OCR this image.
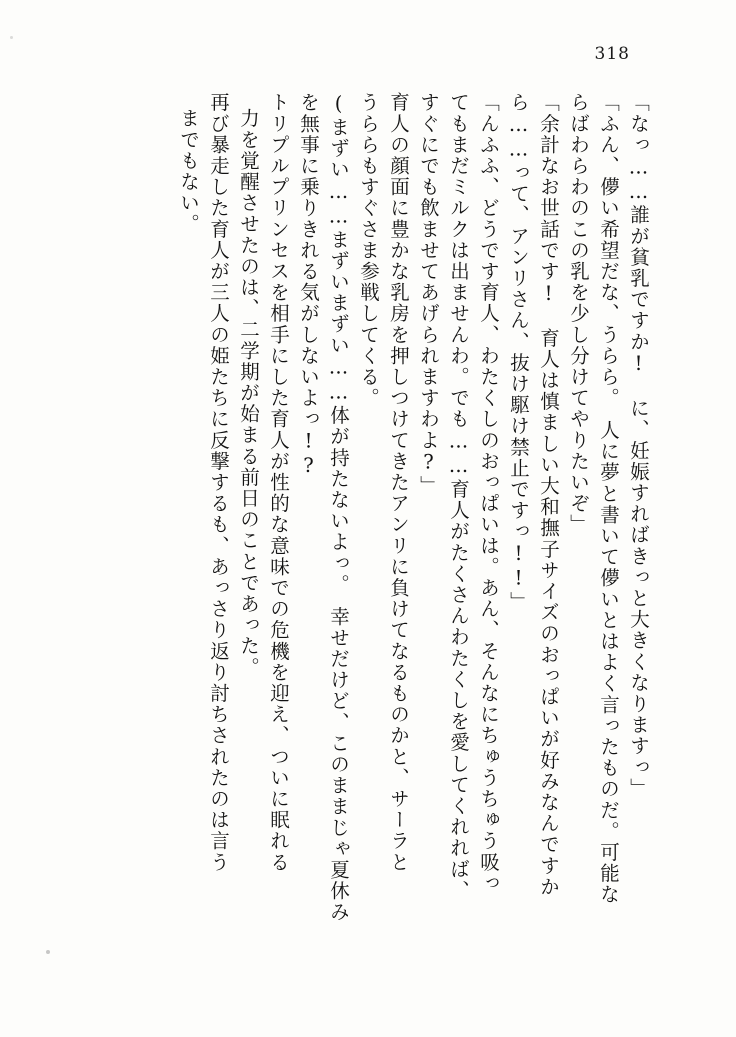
318
「なっ……誰が貧乳ですか!　に、妊娠すればきっと大きくなりますっ」
「ふん、儚い希望だな、うらら。　人に夢と書いて儚いとはよく言ったものだ。可能な
らばわらわのこの乳を少し分けてやりたいぞ」
「余計なお世話です!　育人は慎ましい大和撫子サイズのおっぱいが好みなんですか
ら……って、アンリさん、抜け駆け禁止ですっ!!」
「んふふ、どうです育人、わたくしのおっぱいは。あん、そんなにちゅうちゅう吸っ
てもまだミルクは出ませんわ。でも……育人がたくさんわたくしを愛してくれれば、
すぐにでも飲ませてあげられますわよ?」
育人の顔面に豊かな乳房を押しつけてきたアンリに負けてなるものかと、サーラと
うららもすぐさま参戦してくる。
(まずい……まずいまずい……体が持たないよっ。　幸せだけど、このままじゃ夏休み
を無事に乗りきれる気がしないよっ!?
トリプルプリンセスを相手にした育人が性的な意味での危機を迎え、ついに眠れる
力を覚醒させたのは、二学期が始まる前日のことであった。
再び暴走した育人が三人の姫たちに反撃するも、あっさり返り討ちされたのは言う
までもない。
